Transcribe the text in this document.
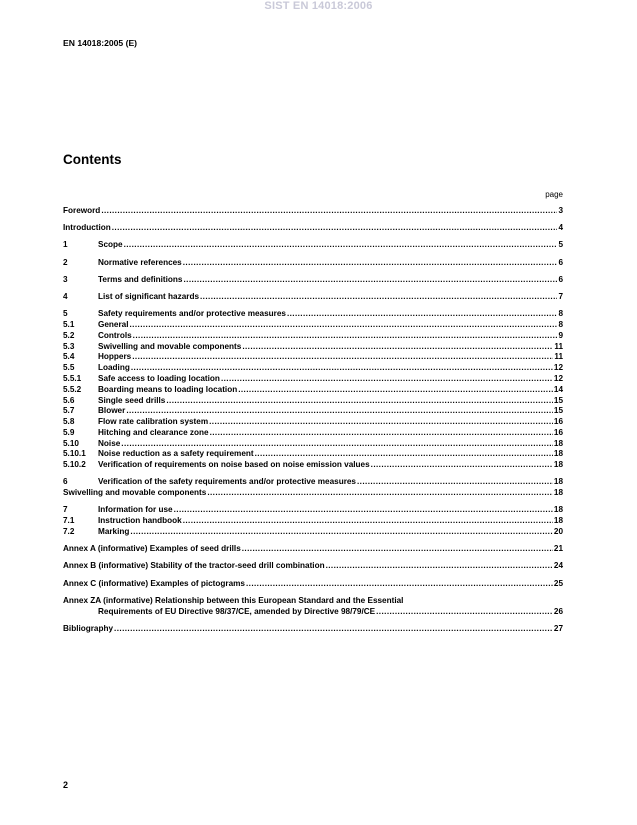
SIST EN 14018:2006
EN 14018:2005 (E)
Contents
page
Foreword .....	3
Introduction .....	4
1	Scope .....	5
2	Normative references .....	6
3	Terms and definitions .....	6
4	List of significant hazards .....	7
5	Safety requirements and/or protective measures .....	8
5.1	General .....	8
5.2	Controls .....	9
5.3	Swivelling and movable components .....	11
5.4	Hoppers .....	11
5.5	Loading .....	12
5.5.1	Safe access to loading location .....	12
5.5.2	Boarding means to loading location .....	14
5.6	Single seed drills .....	15
5.7	Blower .....	15
5.8	Flow rate calibration system .....	16
5.9	Hitching and clearance zone .....	16
5.10	Noise .....	18
5.10.1	Noise reduction as a safety requirement .....	18
5.10.2	Verification of requirements on noise based on noise emission values .....	18
6	Verification of the safety requirements and/or protective measures .....	18
Swivelling and movable components .....	18
7	Information for use .....	18
7.1	Instruction handbook .....	18
7.2	Marking .....	20
Annex A (informative) Examples of seed drills .....	21
Annex B (informative) Stability of the tractor-seed drill combination .....	24
Annex C (informative) Examples of pictograms .....	25
Annex ZA (informative) Relationship between this European Standard and the Essential
Requirements of EU Directive 98/37/CE, amended by Directive 98/79/CE .....	26
Bibliography .....	27
2
